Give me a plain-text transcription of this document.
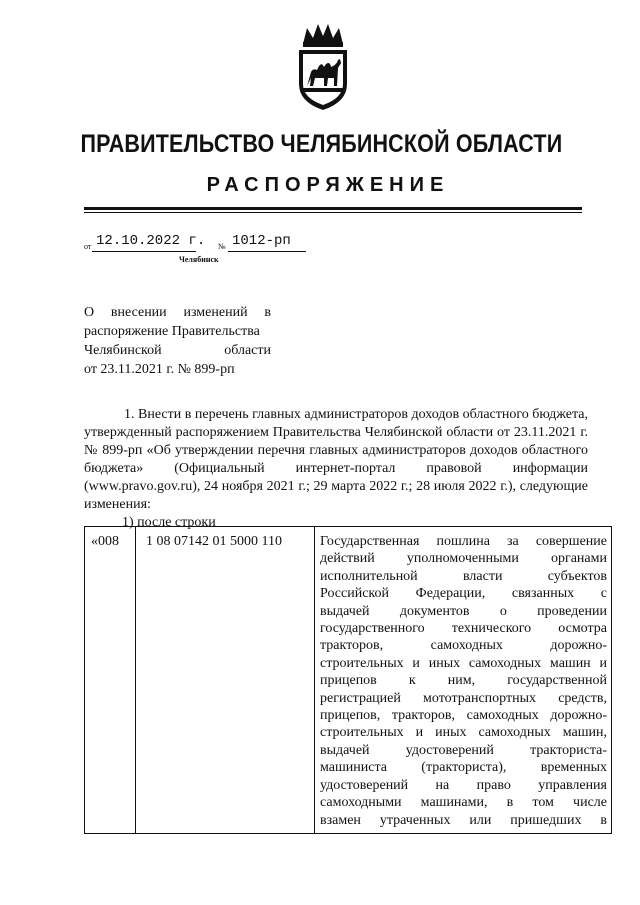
ПРАВИТЕЛЬСТВО ЧЕЛЯБИНСКОЙ ОБЛАСТИ
РАСПОРЯЖЕНИЕ
от 12.10.2022 г. № 1012-рп
Челябинск
О внесении изменений в
распоряжение Правительства
Челябинской области
от 23.11.2021 г. № 899-рп

1. Внести в перечень главных администраторов доходов областного бюджета, утвержденный распоряжением Правительства Челябинской области от 23.11.2021 г. № 899-рп «Об утверждении перечня главных администраторов доходов областного бюджета» (Официальный интернет-портал правовой информации (www.pravo.gov.ru), 24 ноября 2021 г.; 29 марта 2022 г.; 28 июля 2022 г.), следующие изменения:

1) после строки

«008	1 08 07142 01 5000 110	Государственная пошлина за совершение
действий уполномоченными органами
исполнительной власти субъектов
Российской Федерации, связанных с
выдачей документов о проведении
государственного технического осмотра
тракторов, самоходных дорожно-
строительных и иных самоходных машин и
прицепов к ним, государственной
регистрацией мототранспортных средств,
прицепов, тракторов, самоходных дорожно-
строительных и иных самоходных машин,
выдачей удостоверений тракториста-
машиниста (тракториста), временных
удостоверений на право управления
самоходными машинами, в том числе
взамен утраченных или пришедших в
